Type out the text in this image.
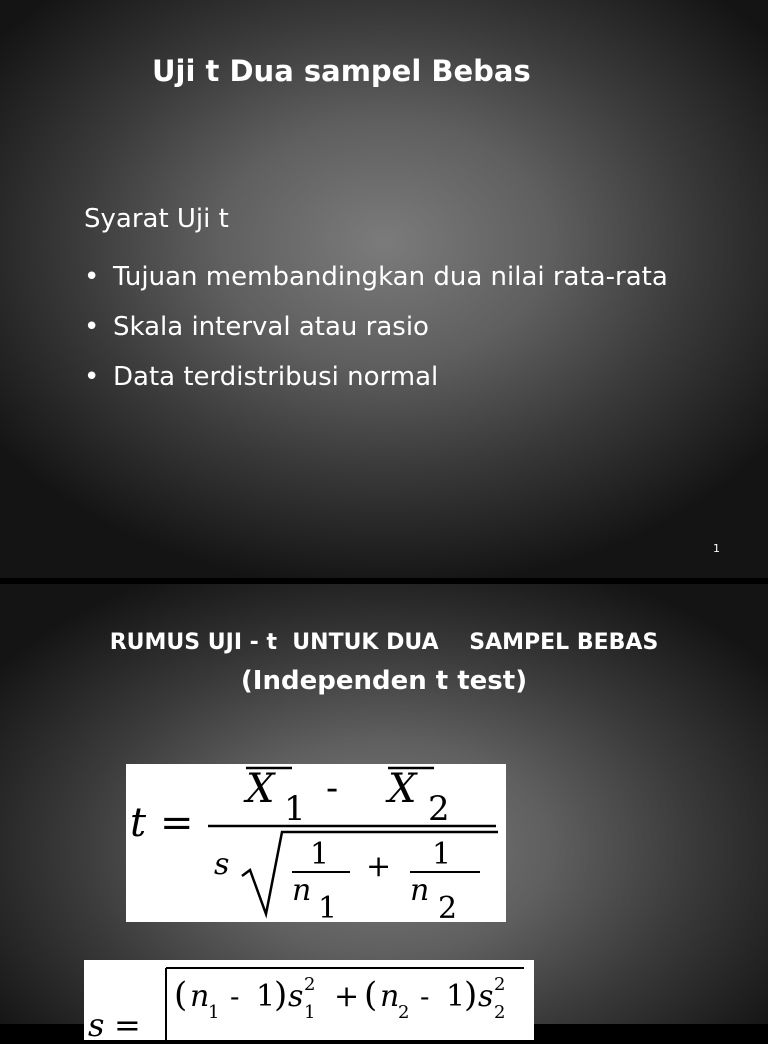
Uji t Dua sampel Bebas
Syarat Uji t
• Tujuan membandingkan dua nilai rata-rata
• Skala interval atau rasio
• Data terdistribusi normal
1
RUMUS UJI - t  UNTUK DUA    SAMPEL BEBAS
(Independen t test)
t =
X 1 - X 2
s	1
n
1
+ 1
n
2
s =
( n
1 - 1
) s 2
1 + ( n
2 - 1
) s 2
2
